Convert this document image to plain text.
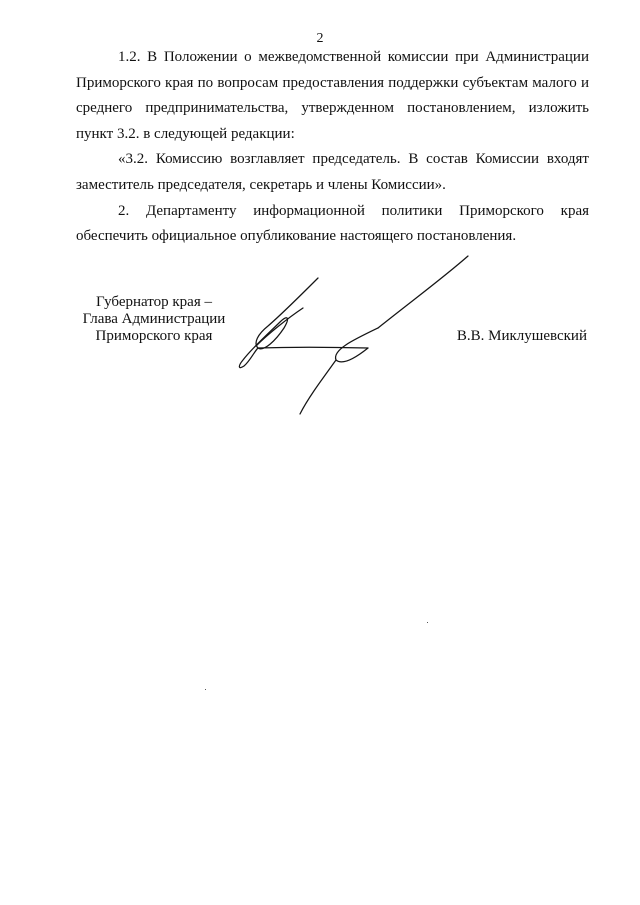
2

1.2. В Положении о межведомственной комиссии при Администрации Приморского края по вопросам предоставления поддержки субъектам малого и среднего предпринимательства, утвержденном постановлением, изложить пункт 3.2. в следующей редакции:

«3.2. Комиссию возглавляет председатель. В состав Комиссии входят заместитель председателя, секретарь и члены Комиссии».

2. Департаменту информационной политики Приморского края обеспечить официальное опубликование настоящего постановления.

Губернатор края –
Глава Администрации
Приморского края	В.В. Миклушевский
